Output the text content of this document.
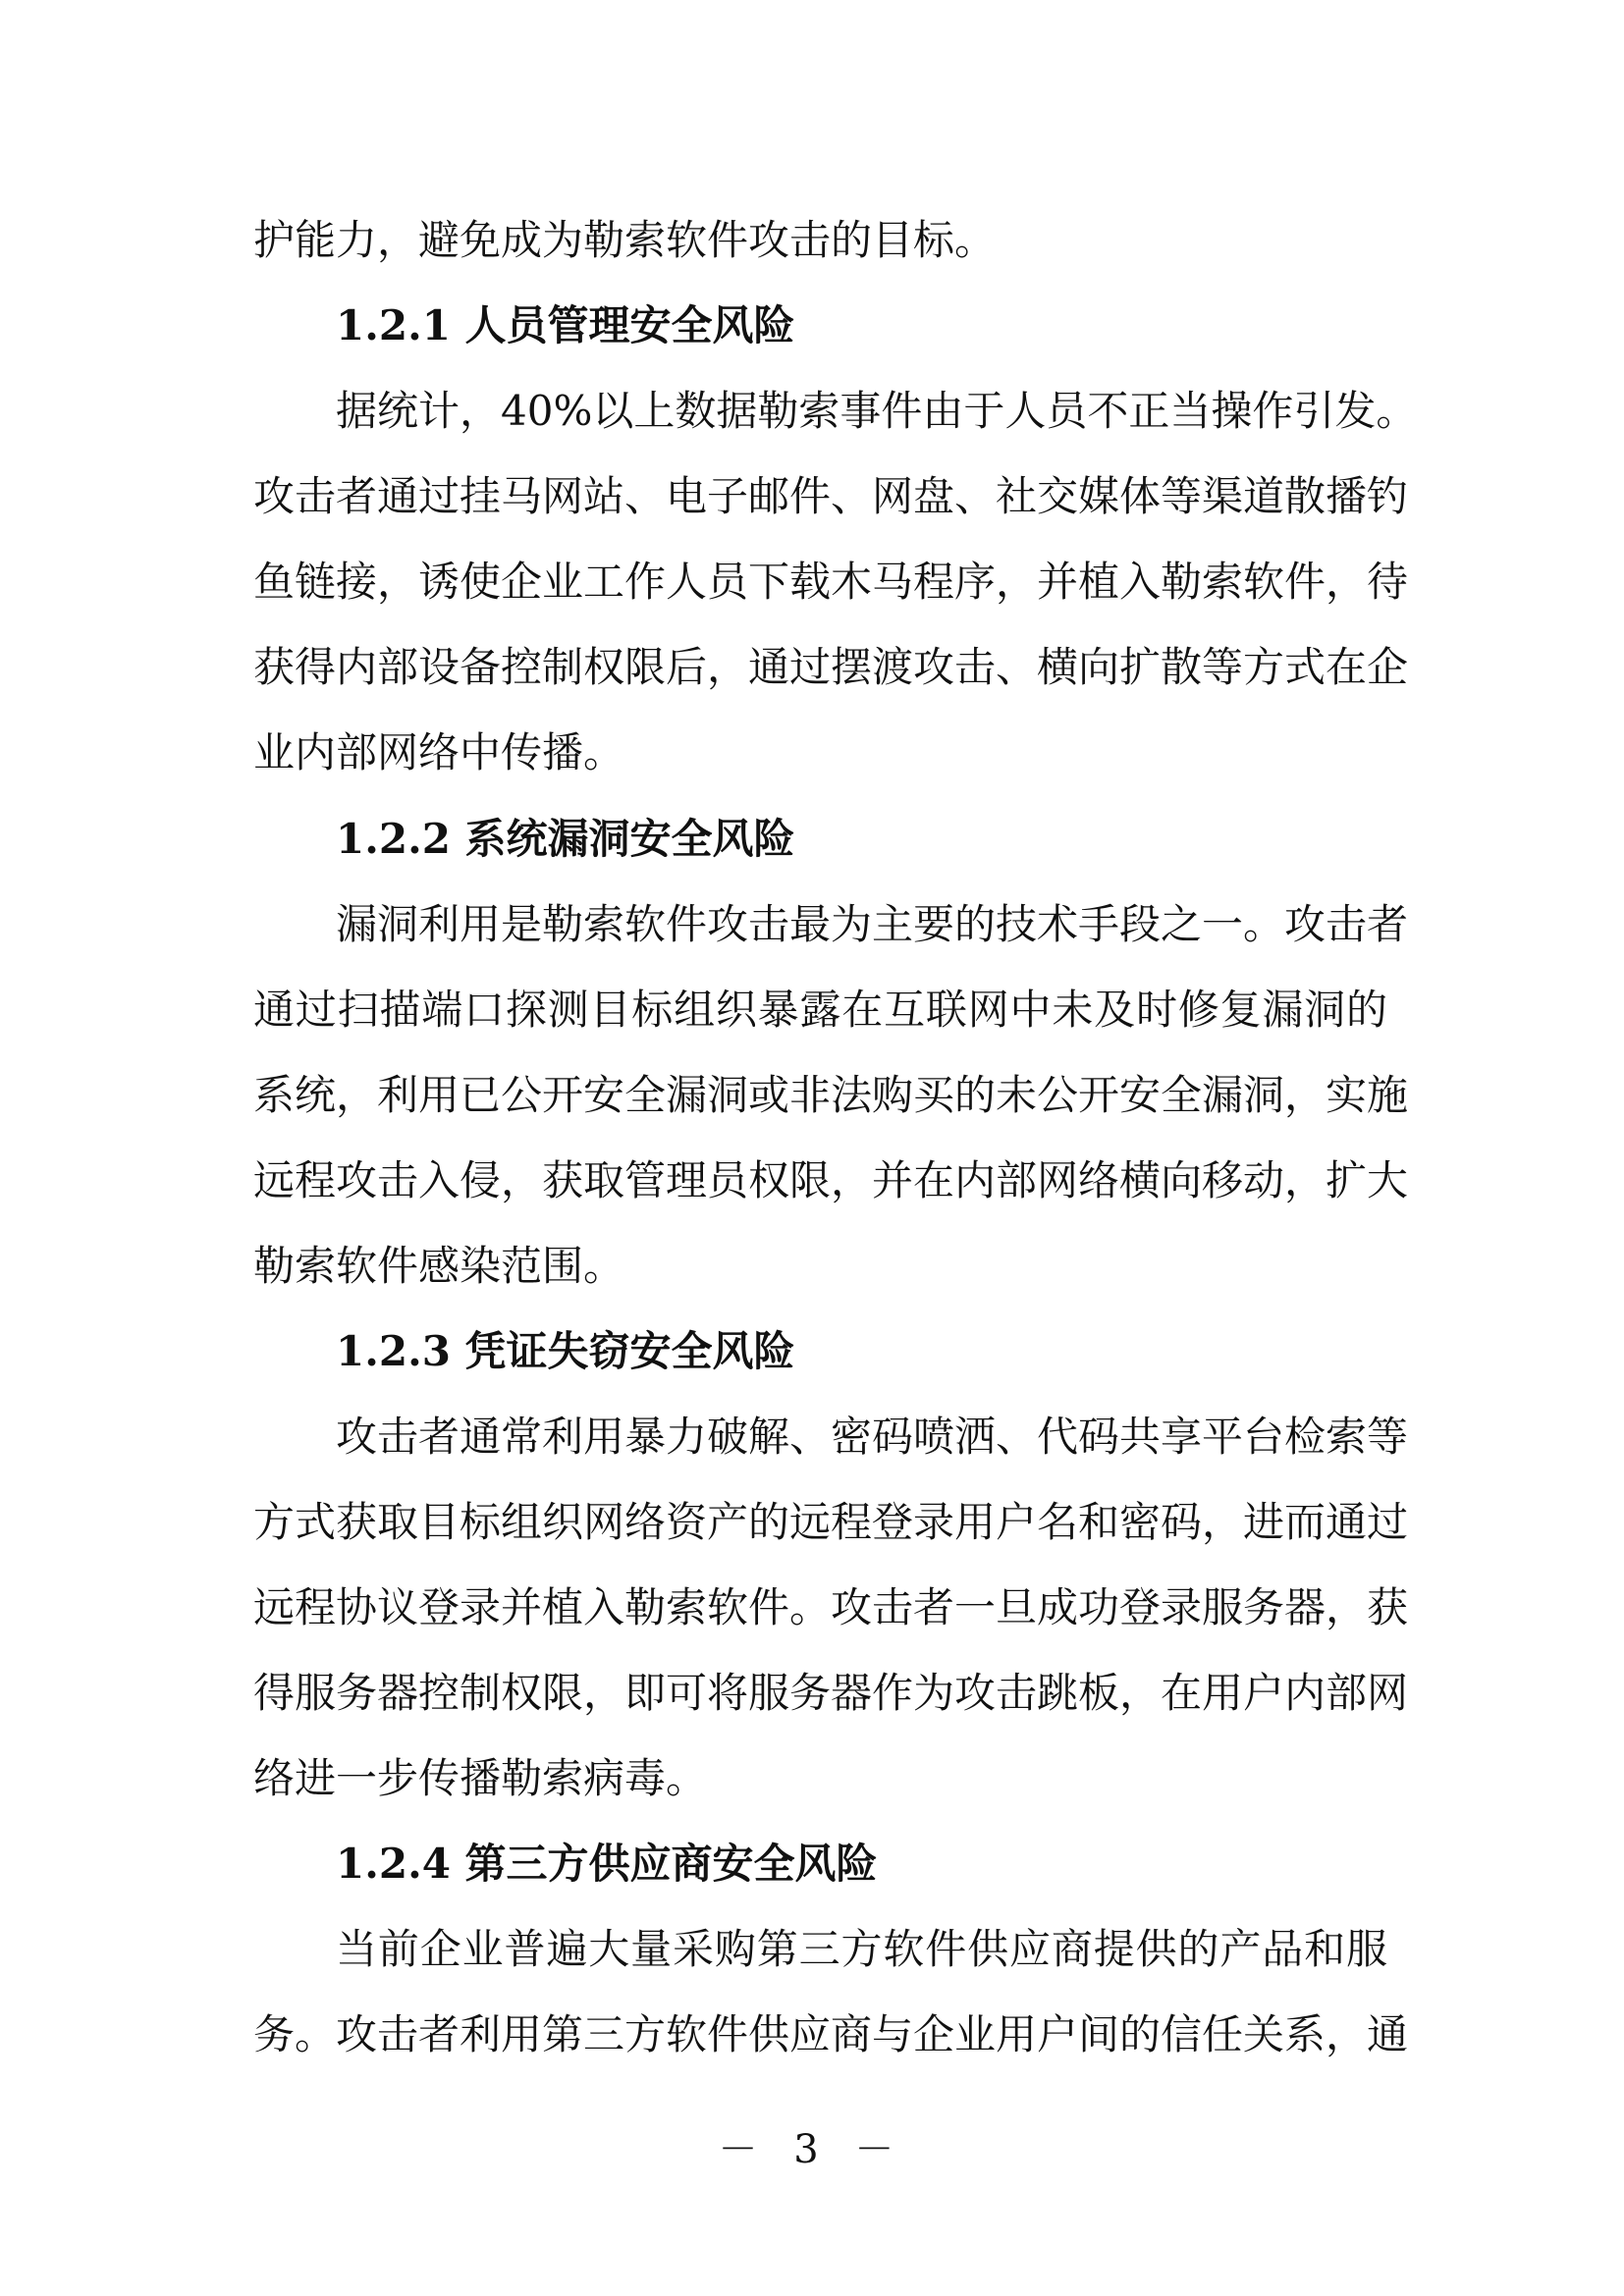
护能力，避免成为勒索软件攻击的目标。
1.2.1 人员管理安全风险
据统计，40%以上数据勒索事件由于人员不正当操作引发。
攻击者通过挂马网站、电子邮件、网盘、社交媒体等渠道散播钓
鱼链接，诱使企业工作人员下载木马程序，并植入勒索软件，待
获得内部设备控制权限后，通过摆渡攻击、横向扩散等方式在企
业内部网络中传播。
1.2.2 系统漏洞安全风险
漏洞利用是勒索软件攻击最为主要的技术手段之一。攻击者
通过扫描端口探测目标组织暴露在互联网中未及时修复漏洞的
系统，利用已公开安全漏洞或非法购买的未公开安全漏洞，实施
远程攻击入侵，获取管理员权限，并在内部网络横向移动，扩大
勒索软件感染范围。
1.2.3 凭证失窃安全风险
攻击者通常利用暴力破解、密码喷洒、代码共享平台检索等
方式获取目标组织网络资产的远程登录用户名和密码，进而通过
远程协议登录并植入勒索软件。攻击者一旦成功登录服务器，获
得服务器控制权限，即可将服务器作为攻击跳板，在用户内部网
络进一步传播勒索病毒。
1.2.4 第三方供应商安全风险
当前企业普遍大量采购第三方软件供应商提供的产品和服
务。攻击者利用第三方软件供应商与企业用户间的信任关系，通
－ 3 －
